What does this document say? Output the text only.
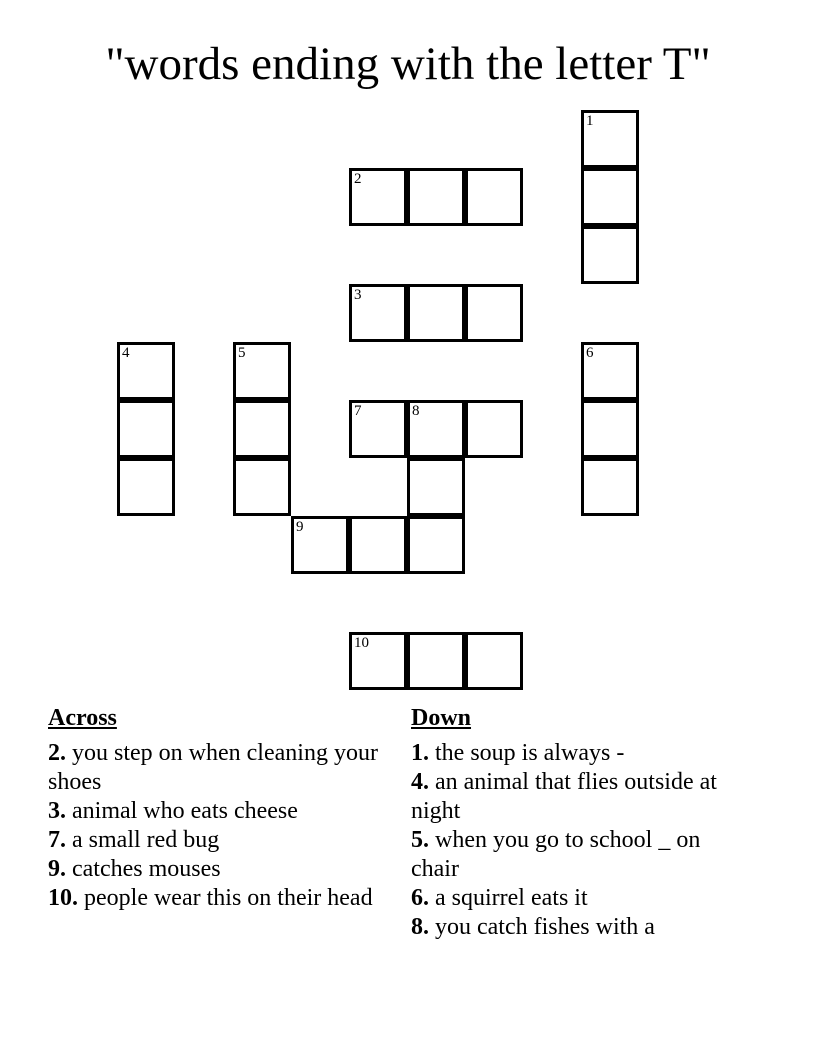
"words ending with the letter T"
1
2
3
4	5	6
7	8
9
10
Across

2. you step on when cleaning your shoes

3. animal who eats cheese

7. a small red bug

9. catches mouses

10. people wear this on their head

Down

1. the soup is always -

4. an animal that flies outside at night

5. when you go to school _ on chair

6. a squirrel eats it

8. you catch fishes with a
